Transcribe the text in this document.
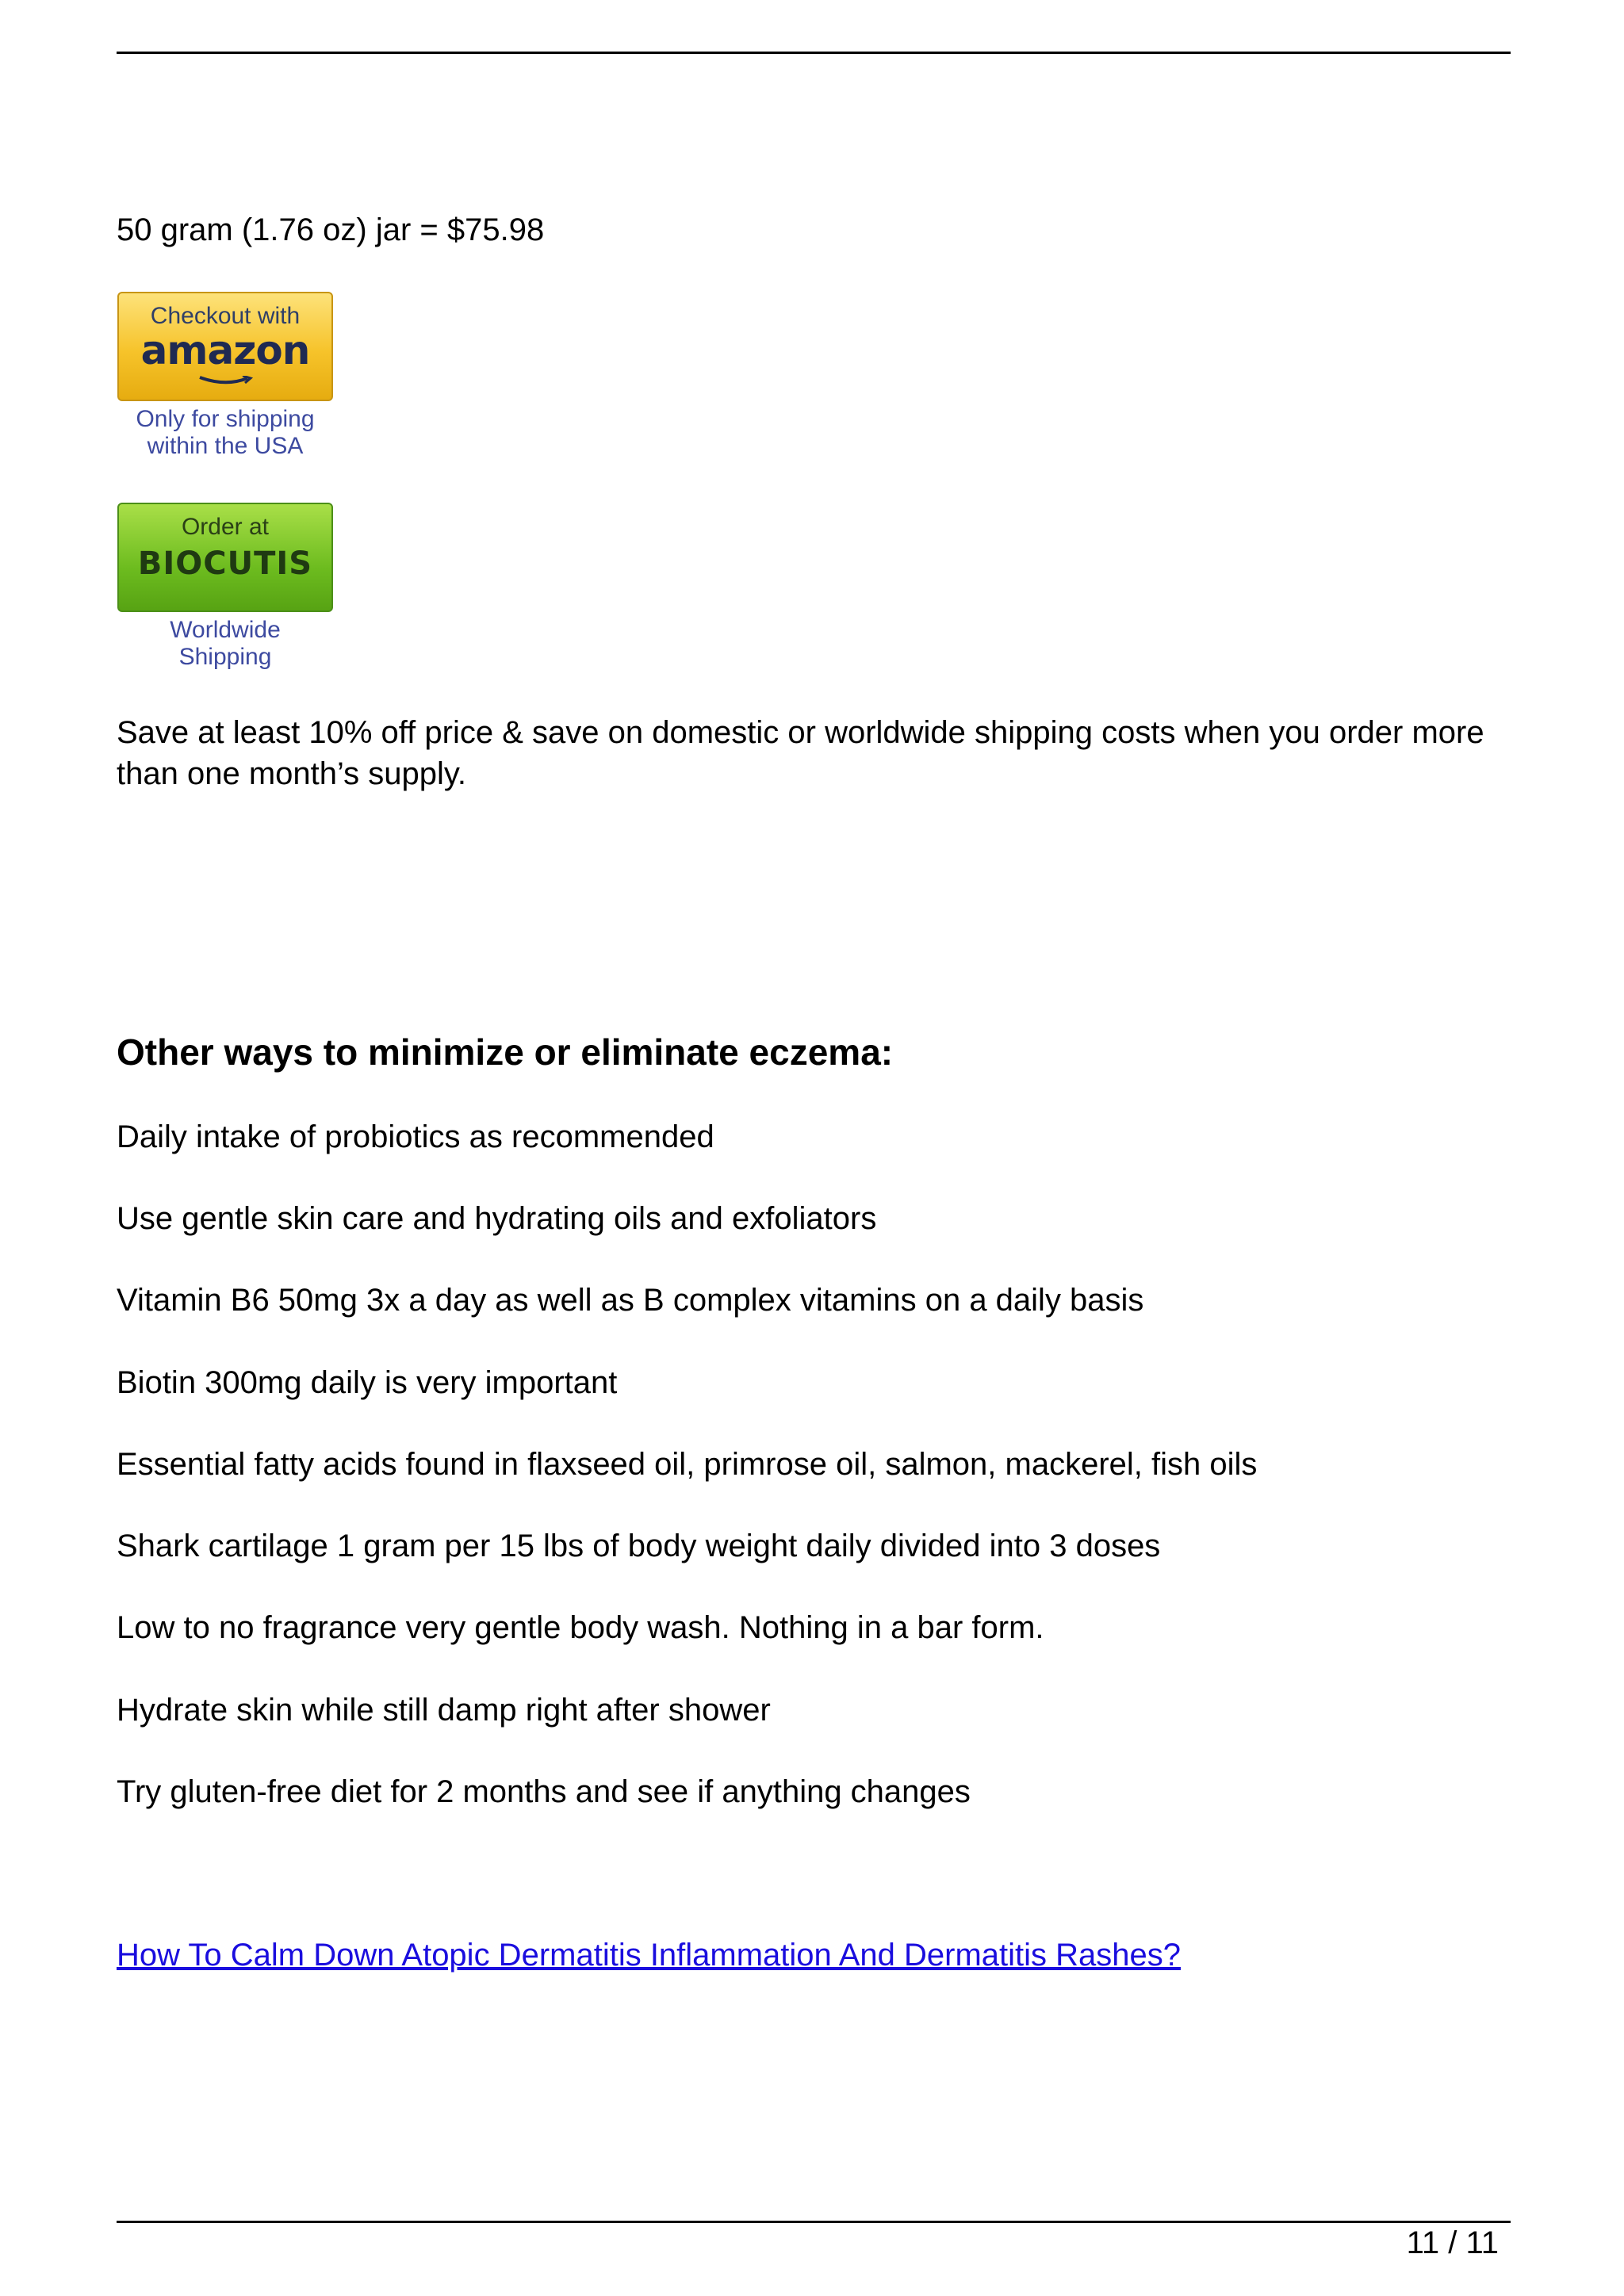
50 gram (1.76 oz) jar = $75.98
Checkout with
amazon
Only for shipping
within the USA
Order at
BIOCUTIS
Worldwide
Shipping
Save at least 10% off price & save on domestic or worldwide shipping costs when you order more than one month’s supply.
Other ways to minimize or eliminate eczema:
Daily intake of probiotics as recommended
Use gentle skin care and hydrating oils and exfoliators
Vitamin B6 50mg 3x a day as well as B complex vitamins on a daily basis
Biotin 300mg daily is very important
Essential fatty acids found in flaxseed oil, primrose oil, salmon, mackerel, fish oils
Shark cartilage 1 gram per 15 lbs of body weight daily divided into 3 doses
Low to no fragrance very gentle body wash. Nothing in a bar form.
Hydrate skin while still damp right after shower
Try gluten-free diet for 2 months and see if anything changes
How To Calm Down Atopic Dermatitis Inflammation And Dermatitis Rashes?
11 / 11
